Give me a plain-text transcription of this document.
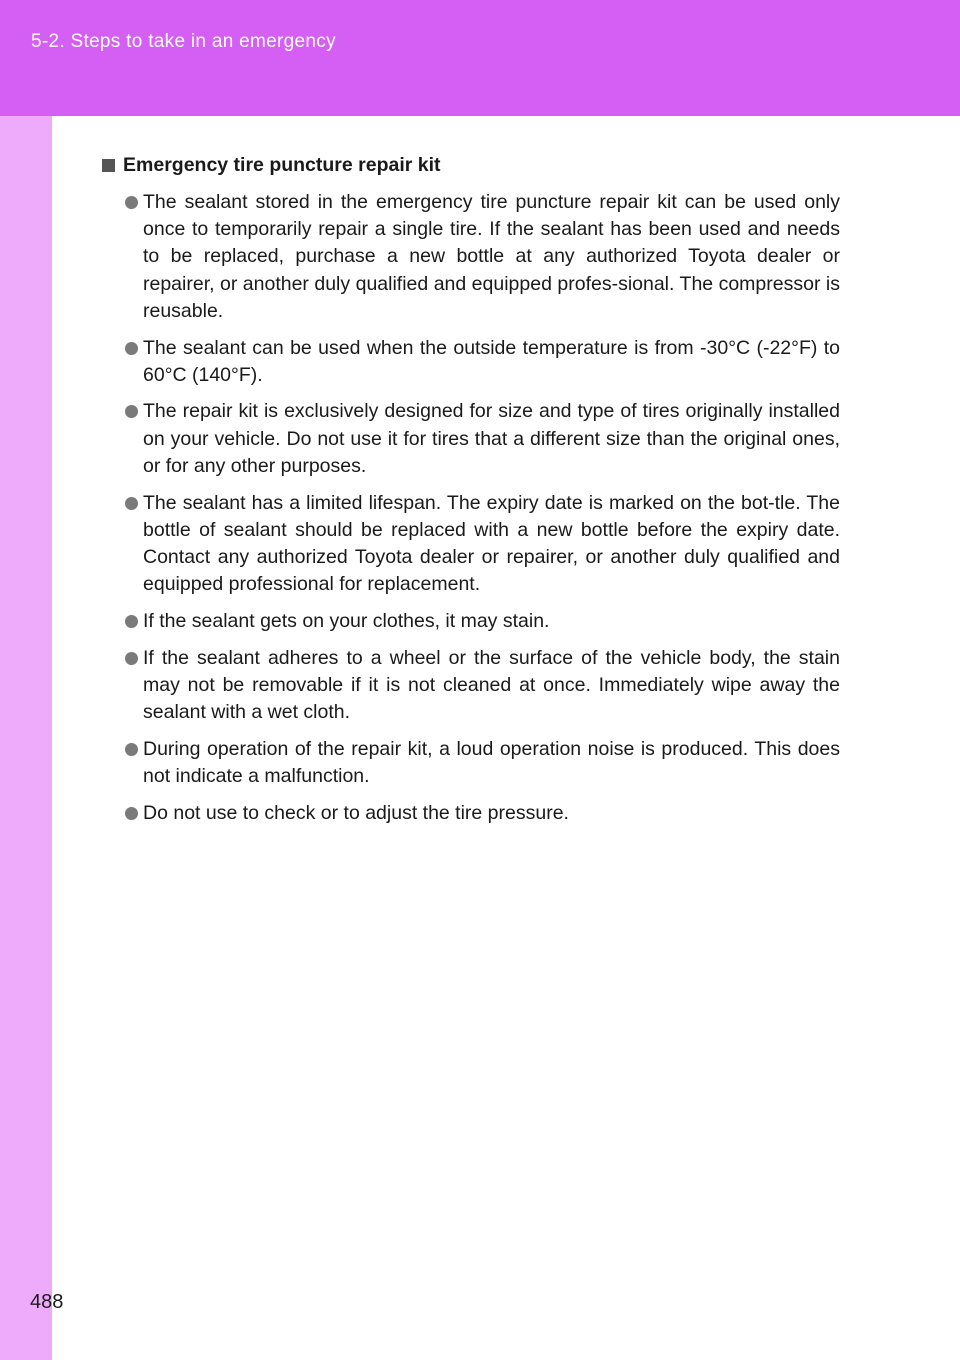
5-2. Steps to take in an emergency
Emergency tire puncture repair kit
The sealant stored in the emergency tire puncture repair kit can be used only once to temporarily repair a single tire. If the sealant has been used and needs to be replaced, purchase a new bottle at any authorized Toyota dealer or repairer, or another duly qualified and equipped profes-sional. The compressor is reusable.
The sealant can be used when the outside temperature is from -30°C (-22°F) to 60°C (140°F).
The repair kit is exclusively designed for size and type of tires originally installed on your vehicle. Do not use it for tires that a different size than the original ones, or for any other purposes.
The sealant has a limited lifespan. The expiry date is marked on the bot-tle. The bottle of sealant should be replaced with a new bottle before the expiry date. Contact any authorized Toyota dealer or repairer, or another duly qualified and equipped professional for replacement.
If the sealant gets on your clothes, it may stain.
If the sealant adheres to a wheel or the surface of the vehicle body, the stain may not be removable if it is not cleaned at once. Immediately wipe away the sealant with a wet cloth.
During operation of the repair kit, a loud operation noise is produced. This does not indicate a malfunction.
Do not use to check or to adjust the tire pressure.
488
